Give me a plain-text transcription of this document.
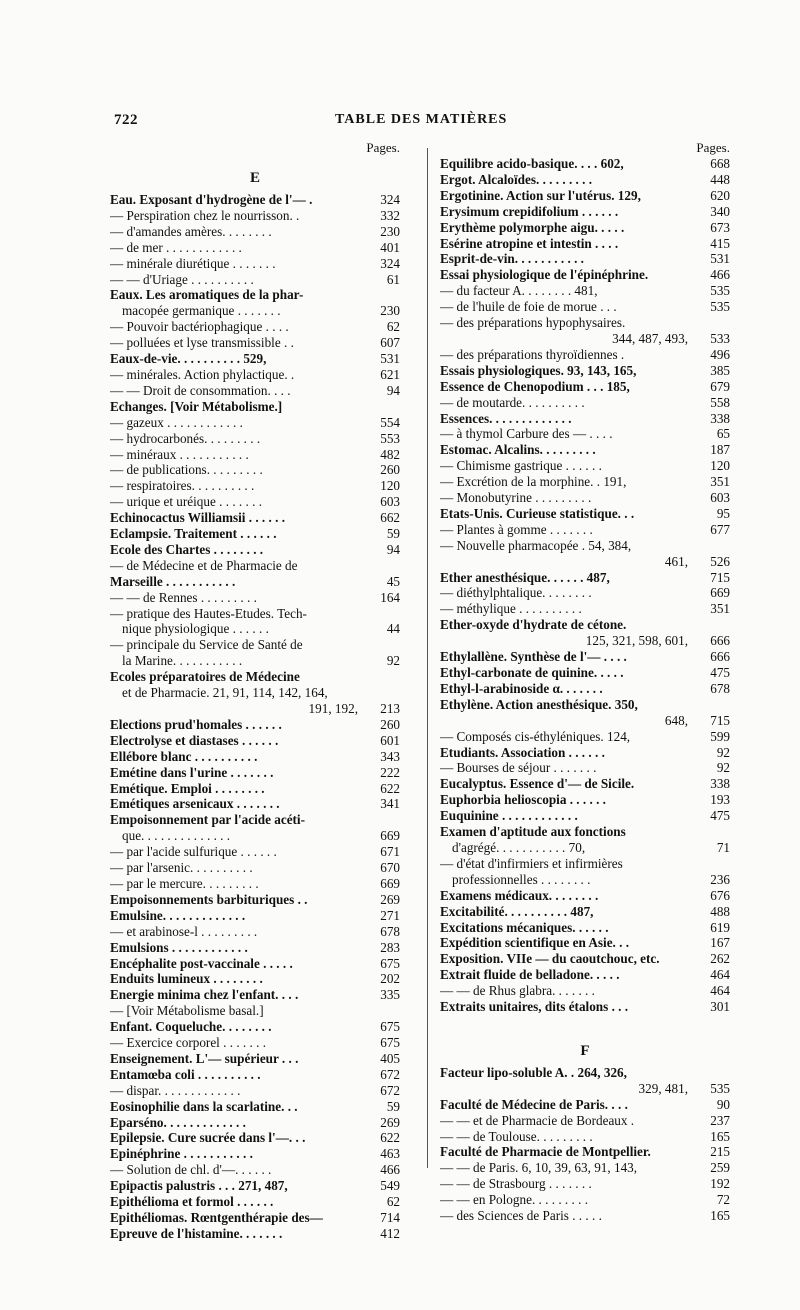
722	TABLE DES MATIÈRES
Pages.
E
Eau. Exposant d'hydrogène de l'— .	324
— Perspiration chez le nourrisson. .	332
— d'amandes amères. . . . . . . .	230
— de mer . . . . . . . . . . . .	401
— minérale diurétique . . . . . . .	324
— — d'Uriage . . . . . . . . . .	61
Eaux. Les aromatiques de la phar-
macopée germanique . . . . . . .	230
— Pouvoir bactériophagique . . . .	62
— polluées et lyse transmissible . .	607
Eaux-de-vie. . . . . . . . . . 529,	531
— minérales. Action phylactique. .	621
— — Droit de consommation. . . .	94
Echanges. [Voir Métabolisme.]
— gazeux . . . . . . . . . . . .	554
— hydrocarbonés. . . . . . . . .	553
— minéraux . . . . . . . . . . .	482
— de publications. . . . . . . . .	260
— respiratoires. . . . . . . . . .	120
— urique et uréique . . . . . . .	603
Echinocactus Williamsii . . . . . .	662
Eclampsie. Traitement . . . . . .	59
Ecole des Chartes . . . . . . . .	94
— de Médecine et de Pharmacie de
Marseille . . . . . . . . . . .	45
— — de Rennes . . . . . . . . .	164
— pratique des Hautes-Etudes. Tech-
nique physiologique . . . . . .	44
— principale du Service de Santé de
la Marine. . . . . . . . . . .	92
Ecoles préparatoires de Médecine
et de Pharmacie. 21, 91, 114, 142, 164,
191, 192,	213
Elections prud'homales . . . . . .	260
Electrolyse et diastases . . . . . .	601
Ellébore blanc . . . . . . . . . .	343
Emétine dans l'urine . . . . . . .	222
Emétique. Emploi . . . . . . . .	622
Emétiques arsenicaux . . . . . . .	341
Empoisonnement par l'acide acéti-
que. . . . . . . . . . . . . .	669
— par l'acide sulfurique . . . . . .	671
— par l'arsenic. . . . . . . . . .	670
— par le mercure. . . . . . . . .	669
Empoisonnements barbituriques . .	269
Emulsine. . . . . . . . . . . . .	271
— et arabinose-l . . . . . . . . .	678
Emulsions . . . . . . . . . . . .	283
Encéphalite post-vaccinale . . . . .	675
Enduits lumineux . . . . . . . .	202
Energie minima chez l'enfant. . . .	335
— [Voir Métabolisme basal.]
Enfant. Coqueluche. . . . . . . .	675
— Exercice corporel . . . . . . .	675
Enseignement. L'— supérieur . . .	405
Entamœba coli . . . . . . . . . .	672
— dispar. . . . . . . . . . . . .	672
Eosinophilie dans la scarlatine. . .	59
Eparséno. . . . . . . . . . . . .	269
Epilepsie. Cure sucrée dans l'—. . .	622
Epinéphrine . . . . . . . . . . .	463
— Solution de chl. d'—. . . . . .	466
Epipactis palustris . . . 271, 487,	549
Epithélioma et formol . . . . . .	62
Epithéliomas. Rœntgenthérapie des—	714
Epreuve de l'histamine. . . . . . .	412
Pages.
Equilibre acido-basique. . . . 602,	668
Ergot. Alcaloïdes. . . . . . . . .	448
Ergotinine. Action sur l'utérus. 129,	620
Erysimum crepidifolium . . . . . .	340
Erythème polymorphe aigu. . . . .	673
Esérine atropine et intestin . . . .	415
Esprit-de-vin. . . . . . . . . . .	531
Essai physiologique de l'épinéphrine.	466
— du facteur A. . . . . . . . 481,	535
— de l'huile de foie de morue . . .	535
— des préparations hypophysaires.
344, 487, 493,	533
— des préparations thyroïdiennes .	496
Essais physiologiques. 93, 143, 165,	385
Essence de Chenopodium . . . 185,	679
— de moutarde. . . . . . . . . .	558
Essences. . . . . . . . . . . . .	338
— à thymol Carbure des — . . . .	65
Estomac. Alcalins. . . . . . . . .	187
— Chimisme gastrique . . . . . .	120
— Excrétion de la morphine. . 191,	351
— Monobutyrine . . . . . . . . .	603
Etats-Unis. Curieuse statistique. . .	95
— Plantes à gomme . . . . . . .	677
— Nouvelle pharmacopée . 54, 384,
461,	526
Ether anesthésique. . . . . . 487,	715
— diéthylphtalique. . . . . . . .	669
— méthylique . . . . . . . . . .	351
Ether-oxyde d'hydrate de cétone.
125, 321, 598, 601,	666
Ethylallène. Synthèse de l'— . . . .	666
Ethyl-carbonate de quinine. . . . .	475
Ethyl-l-arabinoside α. . . . . . .	678
Ethylène. Action anesthésique. 350,
648,	715
— Composés cis-éthyléniques. 124,	599
Etudiants. Association . . . . . .	92
— Bourses de séjour . . . . . . .	92
Eucalyptus. Essence d'— de Sicile.	338
Euphorbia helioscopia . . . . . .	193
Euquinine . . . . . . . . . . . .	475
Examen d'aptitude aux fonctions
d'agrégé. . . . . . . . . . . 70,	71
— d'état d'infirmiers et infirmières
professionnelles . . . . . . . .	236
Examens médicaux. . . . . . . .	676
Excitabilité. . . . . . . . . . 487,	488
Excitations mécaniques. . . . . .	619
Expédition scientifique en Asie. . .	167
Exposition. VIIe — du caoutchouc, etc.	262
Extrait fluide de belladone. . . . .	464
— — de Rhus glabra. . . . . . .	464
Extraits unitaires, dits étalons . . .	301
F
Facteur lipo-soluble A. . 264, 326,
329, 481,	535
Faculté de Médecine de Paris. . . .	90
— — et de Pharmacie de Bordeaux .	237
— — de Toulouse. . . . . . . . .	165
Faculté de Pharmacie de Montpellier.	215
— — de Paris. 6, 10, 39, 63, 91, 143,	259
— — de Strasbourg . . . . . . .	192
— — en Pologne. . . . . . . . .	72
— des Sciences de Paris . . . . .	165
